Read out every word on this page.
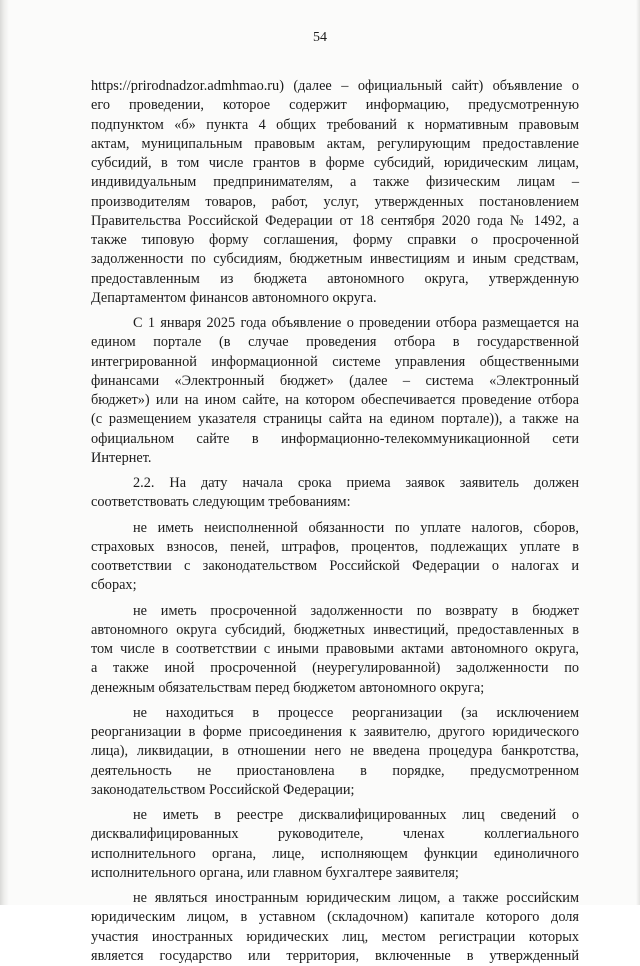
54
https://prirodnadzor.admhmao.ru) (далее – официальный сайт) объявление о
его проведении, которое содержит информацию, предусмотренную
подпунктом «б» пункта 4 общих требований к нормативным правовым
актам, муниципальным правовым актам, регулирующим предоставление
субсидий, в том числе грантов в форме субсидий, юридическим лицам,
индивидуальным предпринимателям, а также физическим лицам –
производителям товаров, работ, услуг, утвержденных постановлением
Правительства Российской Федерации от 18 сентября 2020 года № 1492, а
также типовую форму соглашения, форму справки о просроченной
задолженности по субсидиям, бюджетным инвестициям и иным средствам,
предоставленным из бюджета автономного округа, утвержденную
Департаментом финансов автономного округа.
С 1 января 2025 года объявление о проведении отбора размещается на
едином портале (в случае проведения отбора в государственной
интегрированной информационной системе управления общественными
финансами «Электронный бюджет» (далее – система «Электронный
бюджет») или на ином сайте, на котором обеспечивается проведение отбора
(с размещением указателя страницы сайта на едином портале)), а также на
официальном сайте в информационно-телекоммуникационной сети
Интернет.
2.2. На дату начала срока приема заявок заявитель должен
соответствовать следующим требованиям:
не иметь неисполненной обязанности по уплате налогов, сборов,
страховых взносов, пеней, штрафов, процентов, подлежащих уплате в
соответствии с законодательством Российской Федерации о налогах и
сборах;
не иметь просроченной задолженности по возврату в бюджет
автономного округа субсидий, бюджетных инвестиций, предоставленных в
том числе в соответствии с иными правовыми актами автономного округа,
а также иной просроченной (неурегулированной) задолженности по
денежным обязательствам перед бюджетом автономного округа;
не находиться в процессе реорганизации (за исключением
реорганизации в форме присоединения к заявителю, другого юридического
лица), ликвидации, в отношении него не введена процедура банкротства,
деятельность не приостановлена в порядке, предусмотренном
законодательством Российской Федерации;
не иметь в реестре дисквалифицированных лиц сведений о
дисквалифицированных руководителе, членах коллегиального
исполнительного органа, лице, исполняющем функции единоличного
исполнительного органа, или главном бухгалтере заявителя;
не являться иностранным юридическим лицом, а также российским
юридическим лицом, в уставном (складочном) капитале которого доля
участия иностранных юридических лиц, местом регистрации которых
является государство или территория, включенные в утвержденный
